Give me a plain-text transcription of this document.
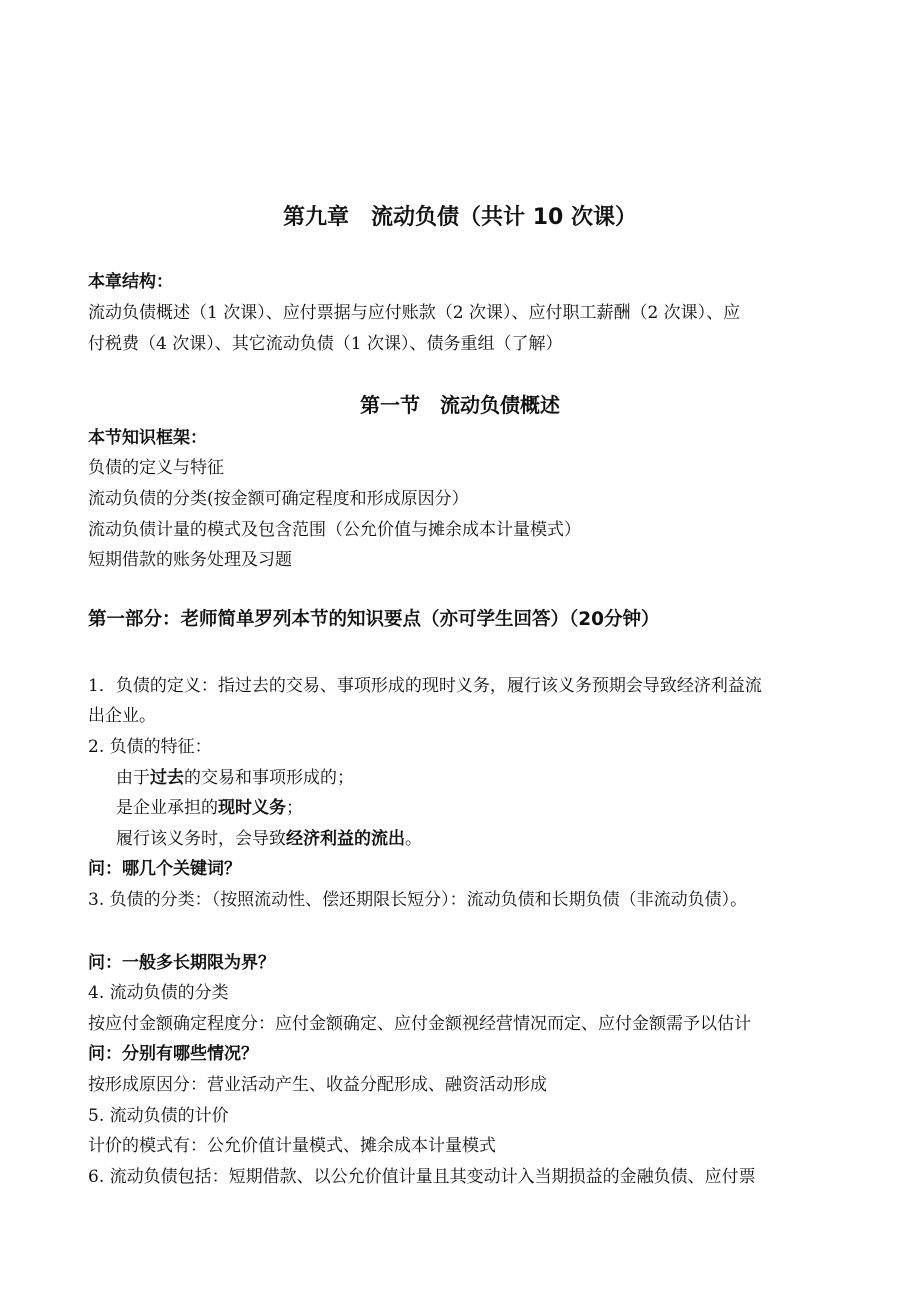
第九章　流动负债（共计 10 次课）
本章结构：
流动负债概述（1 次课）、应付票据与应付账款（2 次课）、应付职工薪酬（2 次课）、应
付税费（4 次课）、其它流动负债（1 次课）、债务重组（了解）
第一节　流动负债概述
本节知识框架：
负债的定义与特征
流动负债的分类(按金额可确定程度和形成原因分）
流动负债计量的模式及包含范围（公允价值与摊余成本计量模式）
短期借款的账务处理及习题
第一部分：老师简单罗列本节的知识要点（亦可学生回答）（20分钟）
1．负债的定义：指过去的交易、事项形成的现时义务，履行该义务预期会导致经济利益流
出企业。
2. 负债的特征：
由于过去的交易和事项形成的；
是企业承担的现时义务；
履行该义务时，会导致经济利益的流出。
问：哪几个关键词？
3. 负债的分类：（按照流动性、偿还期限长短分）：流动负债和长期负债（非流动负债）。
问：一般多长期限为界？
4. 流动负债的分类
按应付金额确定程度分：应付金额确定、应付金额视经营情况而定、应付金额需予以估计
问：分别有哪些情况？
按形成原因分：营业活动产生、收益分配形成、融资活动形成
5. 流动负债的计价
计价的模式有：公允价值计量模式、摊余成本计量模式
6. 流动负债包括：短期借款、以公允价值计量且其变动计入当期损益的金融负债、应付票
